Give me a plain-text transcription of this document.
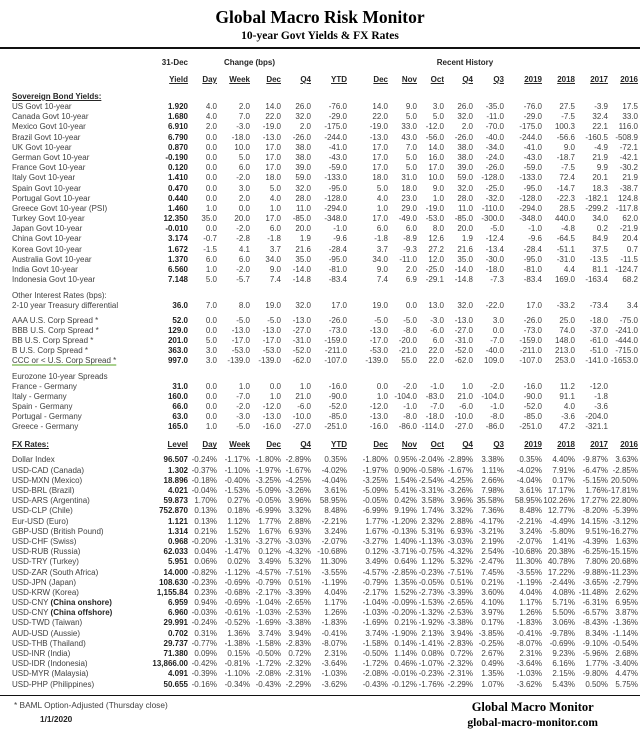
Global Macro Risk Monitor
10-year Govt Yields & FX Rates
31-Dec	Change (bps)	Recent History
Yield	Day	Week	Dec	Q4	YTD	Dec	Nov	Oct	Q4	Q3	2019	2018	2017	2016
Sovereign Bond Yields:
US Govt 10-year	1.920	4.0	2.0	14.0	26.0	-76.0	14.0	9.0	3.0	26.0	-35.0	-76.0	27.5	-3.9	17.5
Canada Govt 10-year	1.680	4.0	7.0	22.0	32.0	-29.0	22.0	5.0	5.0	32.0	-11.0	-29.0	-7.5	32.4	33.0
Mexico Govt 10-year	6.910	2.0	-3.0	-19.0	2.0	-175.0	-19.0	33.0	-12.0	2.0	-70.0	-175.0	100.3	22.1	116.0
Brazil Govt 10-year	6.790	0.0	-18.0	-13.0	-26.0	-244.0	-13.0	43.0	-56.0	-26.0	-40.0	-244.0	-56.6	-160.5 -508.9
UK Govt 10-year	0.870	0.0	10.0	17.0	38.0	-41.0	17.0	7.0	14.0	38.0	-34.0	-41.0	9.0	-4.9	-72.1
German Govt 10-year	-0.190	0.0	5.0	17.0	38.0	-43.0	17.0	5.0	16.0	38.0	-24.0	-43.0	-18.7	21.9	-42.1
France Govt 10-year	0.120	0.0	6.0	17.0	39.0	-59.0	17.0	5.0	17.0	39.0	-26.0	-59.0	-7.5	9.9	-30.2
Italy Govt 10-year	1.410	0.0	-2.0	18.0	59.0	-133.0	18.0	31.0	10.0	59.0	-128.0	-133.0	72.4	20.1	21.9
Spain Govt 10-year	0.470	0.0	3.0	5.0	32.0	-95.0	5.0	18.0	9.0	32.0	-25.0	-95.0	-14.7	18.3	-38.7
Portugal Govt 10-year	0.440	0.0	2.0	4.0	28.0	-128.0	4.0	23.0	1.0	28.0	-32.0	-128.0	-22.3	-182.1	124.8
Greece Govt 10-year (PSI)	1.460	1.0	0.0	1.0	11.0	-294.0	1.0	29.0	-19.0	11.0	-110.0	-294.0	28.5	-299.2 -117.8
Turkey Govt 10-year	12.350	35.0	20.0	17.0	-85.0	-348.0	17.0	-49.0	-53.0	-85.0	-300.0	-348.0	440.0	34.0	62.0
Japan Govt 10-year	-0.010	0.0	-2.0	6.0	20.0	-1.0	6.0	6.0	8.0	20.0	-5.0	-1.0	-4.8	0.2	-21.9
China Govt 10-year	3.174	-0.7	-2.8	-1.8	1.9	-9.6	-1.8	-8.9	12.6	1.9	-12.4	-9.6	-64.5	84.9	20.4
Korea Govt 10-year	1.672	-1.5	4.1	3.7	21.6	-28.4	3.7	-9.3	27.2	21.6	-13.4	-28.4	-51.1	37.5	0.7
Australia Govt 10-year	1.370	6.0	6.0	34.0	35.0	-95.0	34.0	-11.0	12.0	35.0	-30.0	-95.0	-31.0	-13.5	-11.5
India Govt 10-year	6.560	1.0	-2.0	9.0	-14.0	-81.0	9.0	2.0	-25.0	-14.0	-18.0	-81.0	4.4	81.1 -124.7
Indonesia Govt 10-year	7.148	5.0	-5.7	7.4	-14.8	-83.4	7.4	6.9	-29.1	-14.8	-7.3	-83.4	169.0	-163.4	68.2
Other Interest Rates (bps):
2-10 year Treasury differential	36.0	7.0	8.0	19.0	32.0	17.0	19.0	0.0	13.0	32.0	-22.0	17.0	-33.2	-73.4	3.4
AAA U.S. Corp Spread *	52.0	0.0	-5.0	-5.0	-13.0	-26.0	-5.0	-5.0	-3.0	-13.0	3.0	-26.0	25.0	-18.0	-75.0
BBB U.S. Corp Spread *	129.0	0.0	-13.0	-13.0	-27.0	-73.0	-13.0	-8.0	-6.0	-27.0	0.0	-73.0	74.0	-37.0 -241.0
BB U.S. Corp Spread *	201.0	5.0	-17.0	-17.0	-31.0	-159.0	-17.0	-20.0	6.0	-31.0	-7.0	-159.0	148.0	-61.0 -444.0
B U.S. Corp Spread *	363.0	3.0	-53.0	-53.0	-52.0	-211.0	-53.0	-21.0	22.0	-52.0	-40.0	-211.0	213.0	-51.0 -715.0
CCC or < U.S. Corp Spread *	997.0	3.0	-139.0	-139.0	-62.0	-107.0	-139.0	55.0	22.0	-62.0	109.0	-107.0	253.0	-141.0 -1653.0
Eurozone 10-year Spreads
France - Germany	31.0	0.0	1.0	0.0	1.0	-16.0	0.0	-2.0	-1.0	1.0	-2.0	-16.0	11.2	-12.0
Italy - Germany	160.0	0.0	-7.0	1.0	21.0	-90.0	1.0 -104.0	-83.0	21.0	-104.0	-90.0	91.1	-1.8
Spain - Germany	66.0	0.0	-2.0	-12.0	-6.0	-52.0	-12.0	-1.0	-7.0	-6.0	-1.0	-52.0	4.0	-3.6
Portugal - Germany	63.0	0.0	-3.0	-13.0	-10.0	-85.0	-13.0	-8.0	-18.0	-10.0	-8.0	-85.0	-3.6	-204.0
Greece - Germany	165.0	1.0	-5.0	-16.0	-27.0	-251.0	-16.0	-86.0 -114.0	-27.0	-86.0	-251.0	47.2	-321.1
FX Rates:	Level	Day	Week	Dec	Q4	YTD	Dec	Nov	Oct	Q4	Q3	2019	2018	2017	2016
Dollar Index	96.507 -0.24% -1.17% -1.80% -2.89%	0.35%	-1.80% 0.95% -2.04% -2.89%	3.38%	0.35%	4.40% -9.87% 3.63%
USD-CAD (Canada)	1.302 -0.37% -1.10% -1.97% -1.67%	-4.02%	-1.97% 0.90% -0.58% -1.67%	1.11%	-4.02%	7.91% -6.47% -2.85%
USD-MXN (Mexico)	18.896 -0.18% -0.40% -3.25% -4.25%	-4.04%	-3.25% 1.54% -2.54% -4.25%	2.66%	-4.04%	0.17% -5.15% 20.50%
USD-BRL (Brazil)	4.021 -0.04% -1.53% -5.09% -3.26%	3.61%	-5.09% 5.41% -3.31% -3.26%	7.98%	3.61% 17.17%	1.76% -17.81%
USD-ARS (Argentina)	59.873 1.70%	0.27% -0.05% 3.96%	58.95%	-0.05% 0.42% 3.58% 3.96% 35.58%	58.95% 102.26% 17.27% 22.80%
USD-CLP (Chile)	752.870 0.13%	0.18% -6.99% 3.32%	8.48%	-6.99% 9.19% 1.74% 3.32%	7.36%	8.48% 12.77% -8.20% -5.39%
Eur-USD (Euro)	1.121 0.13%	1.12%	1.77% 2.88%	-2.21%	1.77% -1.20% 2.32% 2.88% -4.17%	-2.21% -4.49% 14.15% -3.12%
GBP-USD (British Pound)	1.314 0.21%	1.52%	1.67% 6.93%	3.24%	1.67% -0.13% 5.31% 6.93% -3.21%	3.24% -5.80%	9.51% -16.27%
USD-CHF (Swiss)	0.968 -0.20% -1.31% -3.27% -3.03%	-2.07%	-3.27% 1.40% -1.13% -3.03%	2.19%	-2.07%	1.41% -4.39% 1.63%
USD-RUB (Russia)	62.033 0.04% -1.47%	0.12% -4.32% -10.68%	0.12% -3.71% -0.75% -4.32%	2.54%	-10.68% 20.38% -6.25% -15.15%
USD-TRY (Turkey)	5.951 0.06%	0.02%	3.49% 5.32%	11.30%	3.49% 0.64% 1.12% 5.32% -2.47%	11.30% 40.78%	7.80% 20.68%
USD-ZAR (South Africa)	14.000 -0.82% -1.12% -4.57% -7.51%	-3.55%	-4.57% -2.85% -0.23% -7.51%	7.45%	-3.55% 17.22% -9.88% -11.23%
USD-JPN (Japan)	108.630 -0.23% -0.69% -0.79% 0.51%	-1.19%	-0.79% 1.35% -0.05% 0.51%	0.21%	-1.19% -2.44% -3.65% -2.79%
USD-KRW (Korea)	1,155.84 0.23% -0.68% -2.17% -3.39%	4.04%	-2.17% 1.52% -2.73% -3.39%	3.60%	4.04%	4.08% -11.48% 2.62%
USD-CNY (China onshore)	6.959 0.94% -0.69% -1.04% -2.65%	1.17%	-1.04% -0.09% -1.53% -2.65%	4.10%	1.17%	5.71% -6.31% 6.95%
USD-CNY (China offshore)	6.960 -0.03% -0.61% -1.03% -2.53%	1.26%	-1.03% -0.20% -1.32% -2.53%	3.97%	1.26%	5.50% -6.57% 3.87%
USD-TWD (Taiwan)	29.991 -0.24% -0.52% -1.69% -3.38%	-1.83%	-1.69% 0.21% -1.92% -3.38%	0.17%	-1.83%	3.06% -8.43% -1.36%
AUD-USD (Aussie)	0.702 0.31%	1.36%	3.74% 3.94%	-0.41%	3.74% -1.90% 2.13% 3.94% -3.85%	-0.41% -9.78%	8.34% -1.14%
USD-THB (Thailand)	29.737 -0.77% -1.38% -1.58% -2.83%	-8.07%	-1.58% 0.14% -1.41% -2.83% -0.25%	-8.07% -0.69% -9.10% -0.54%
USD-INR (India)	71.380 0.09%	0.15% -0.50% 0.72%	2.31%	-0.50% 1.14% 0.08% 0.72%	2.67%	2.31%	9.23% -5.96% 2.68%
USD-IDR (Indonesia)	13,866.00 -0.42% -0.81% -1.72% -2.32%	-3.64%	-1.72% 0.46% -1.07% -2.32%	0.49%	-3.64%	6.16%	1.77% -3.40%
USD-MYR (Malaysia)	4.091 -0.39% -1.10% -2.08% -2.31%	-1.03%	-2.08% -0.01% -0.23% -2.31%	1.35%	-1.03%	2.15% -9.80% 4.47%
USD-PHP (Philippines)	50.655 -0.16% -0.34% -0.43% -2.29%	-3.62%	-0.43% -0.12% -1.76% -2.29%	1.07%	-3.62%	5.43%	0.50% 5.75%
* BAML Option-Adjusted (Thursday close)
1/1/2020
Global Macro Monitor
global-macro-monitor.com
